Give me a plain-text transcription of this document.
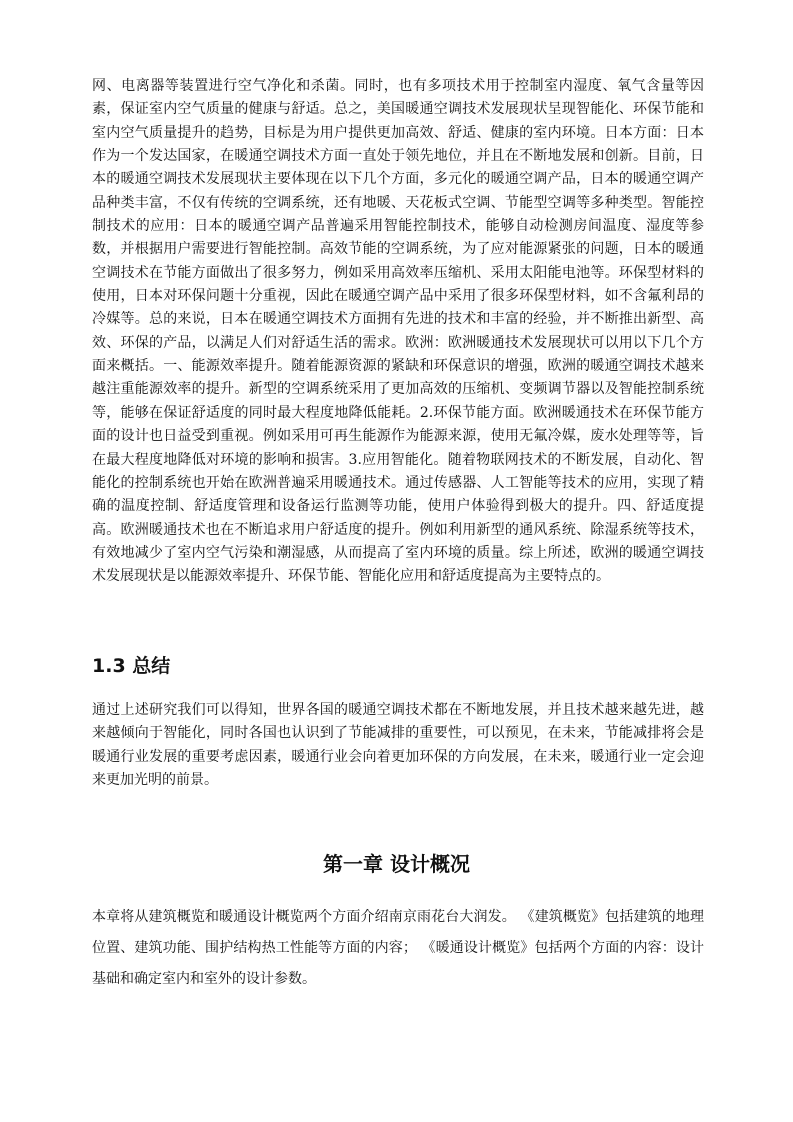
网、电离器等装置进行空气净化和杀菌。同时，也有多项技术用于控制室内湿度、氧气含量等因素，保证室内空气质量的健康与舒适。总之，美国暖通空调技术发展现状呈现智能化、环保节能和室内空气质量提升的趋势，目标是为用户提供更加高效、舒适、健康的室内环境。日本方面：日本作为一个发达国家，在暖通空调技术方面一直处于领先地位，并且在不断地发展和创新。目前，日本的暖通空调技术发展现状主要体现在以下几个方面，多元化的暖通空调产品，日本的暖通空调产品种类丰富，不仅有传统的空调系统，还有地暖、天花板式空调、节能型空调等多种类型。智能控制技术的应用：日本的暖通空调产品普遍采用智能控制技术，能够自动检测房间温度、湿度等参数，并根据用户需要进行智能控制。高效节能的空调系统，为了应对能源紧张的问题，日本的暖通空调技术在节能方面做出了很多努力，例如采用高效率压缩机、采用太阳能电池等。环保型材料的使用，日本对环保问题十分重视，因此在暖通空调产品中采用了很多环保型材料，如不含氟利昂的冷媒等。总的来说，日本在暖通空调技术方面拥有先进的技术和丰富的经验，并不断推出新型、高效、环保的产品，以满足人们对舒适生活的需求。欧洲：欧洲暖通技术发展现状可以用以下几个方面来概括。一、能源效率提升。随着能源资源的紧缺和环保意识的增强，欧洲的暖通空调技术越来越注重能源效率的提升。新型的空调系统采用了更加高效的压缩机、变频调节器以及智能控制系统等，能够在保证舒适度的同时最大程度地降低能耗。2.环保节能方面。欧洲暖通技术在环保节能方面的设计也日益受到重视。例如采用可再生能源作为能源来源，使用无氟冷媒，废水处理等等，旨在最大程度地降低对环境的影响和损害。3.应用智能化。随着物联网技术的不断发展，自动化、智能化的控制系统也开始在欧洲普遍采用暖通技术。通过传感器、人工智能等技术的应用，实现了精确的温度控制、舒适度管理和设备运行监测等功能，使用户体验得到极大的提升。四、舒适度提高。欧洲暖通技术也在不断追求用户舒适度的提升。例如利用新型的通风系统、除湿系统等技术，有效地减少了室内空气污染和潮湿感，从而提高了室内环境的质量。综上所述，欧洲的暖通空调技术发展现状是以能源效率提升、环保节能、智能化应用和舒适度提高为主要特点的。

1.3 总结

通过上述研究我们可以得知，世界各国的暖通空调技术都在不断地发展，并且技术越来越先进，越来越倾向于智能化，同时各国也认识到了节能减排的重要性，可以预见，在未来，节能减排将会是暖通行业发展的重要考虑因素，暖通行业会向着更加环保的方向发展，在未来，暖通行业一定会迎来更加光明的前景。

第一章 设计概况

本章将从建筑概览和暖通设计概览两个方面介绍南京雨花台大润发。 《建筑概览》包括建筑的地理位置、建筑功能、围护结构热工性能等方面的内容； 《暖通设计概览》包括两个方面的内容：设计基础和确定室内和室外的设计参数。
